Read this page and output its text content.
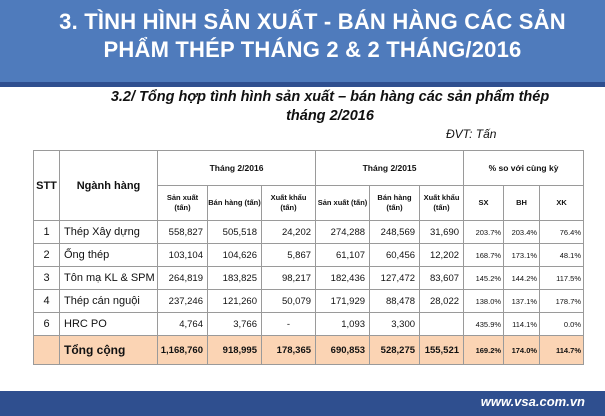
3. TÌNH HÌNH SẢN XUẤT - BÁN HÀNG CÁC SẢN PHẨM THÉP THÁNG 2 & 2 THÁNG/2016
3.2/ Tổng hợp tình hình sản xuất – bán hàng các sản phẩm thép tháng 2/2016
ĐVT: Tấn
STT	Ngành hàng	Tháng 2/2016			Tháng 2/2015			% so với cùng kỳ		
		Sản xuất (tấn)	Bán hàng (tấn)	Xuất khẩu (tấn)	Sản xuất (tấn)	Bán hàng (tấn)	Xuất khẩu (tấn)	SX	BH	XK
1	Thép Xây dựng	558,827	505,518	24,202	274,288	248,569	31,690	203.7%	203.4%	76.4%
2	Ống thép	103,104	104,626	5,867	61,107	60,456	12,202	168.7%	173.1%	48.1%
3	Tôn mạ KL & SPM	264,819	183,825	98,217	182,436	127,472	83,607	145.2%	144.2%	117.5%
4	Thép cán nguội	237,246	121,260	50,079	171,929	88,478	28,022	138.0%	137.1%	178.7%
6	HRC PO	4,764	3,766	-	1,093	3,300		435.9%	114.1%	0.0%
	Tổng cộng	1,168,760	918,995	178,365	690,853	528,275	155,521	169.2%	174.0%	114.7%
www.vsa.com.vn
